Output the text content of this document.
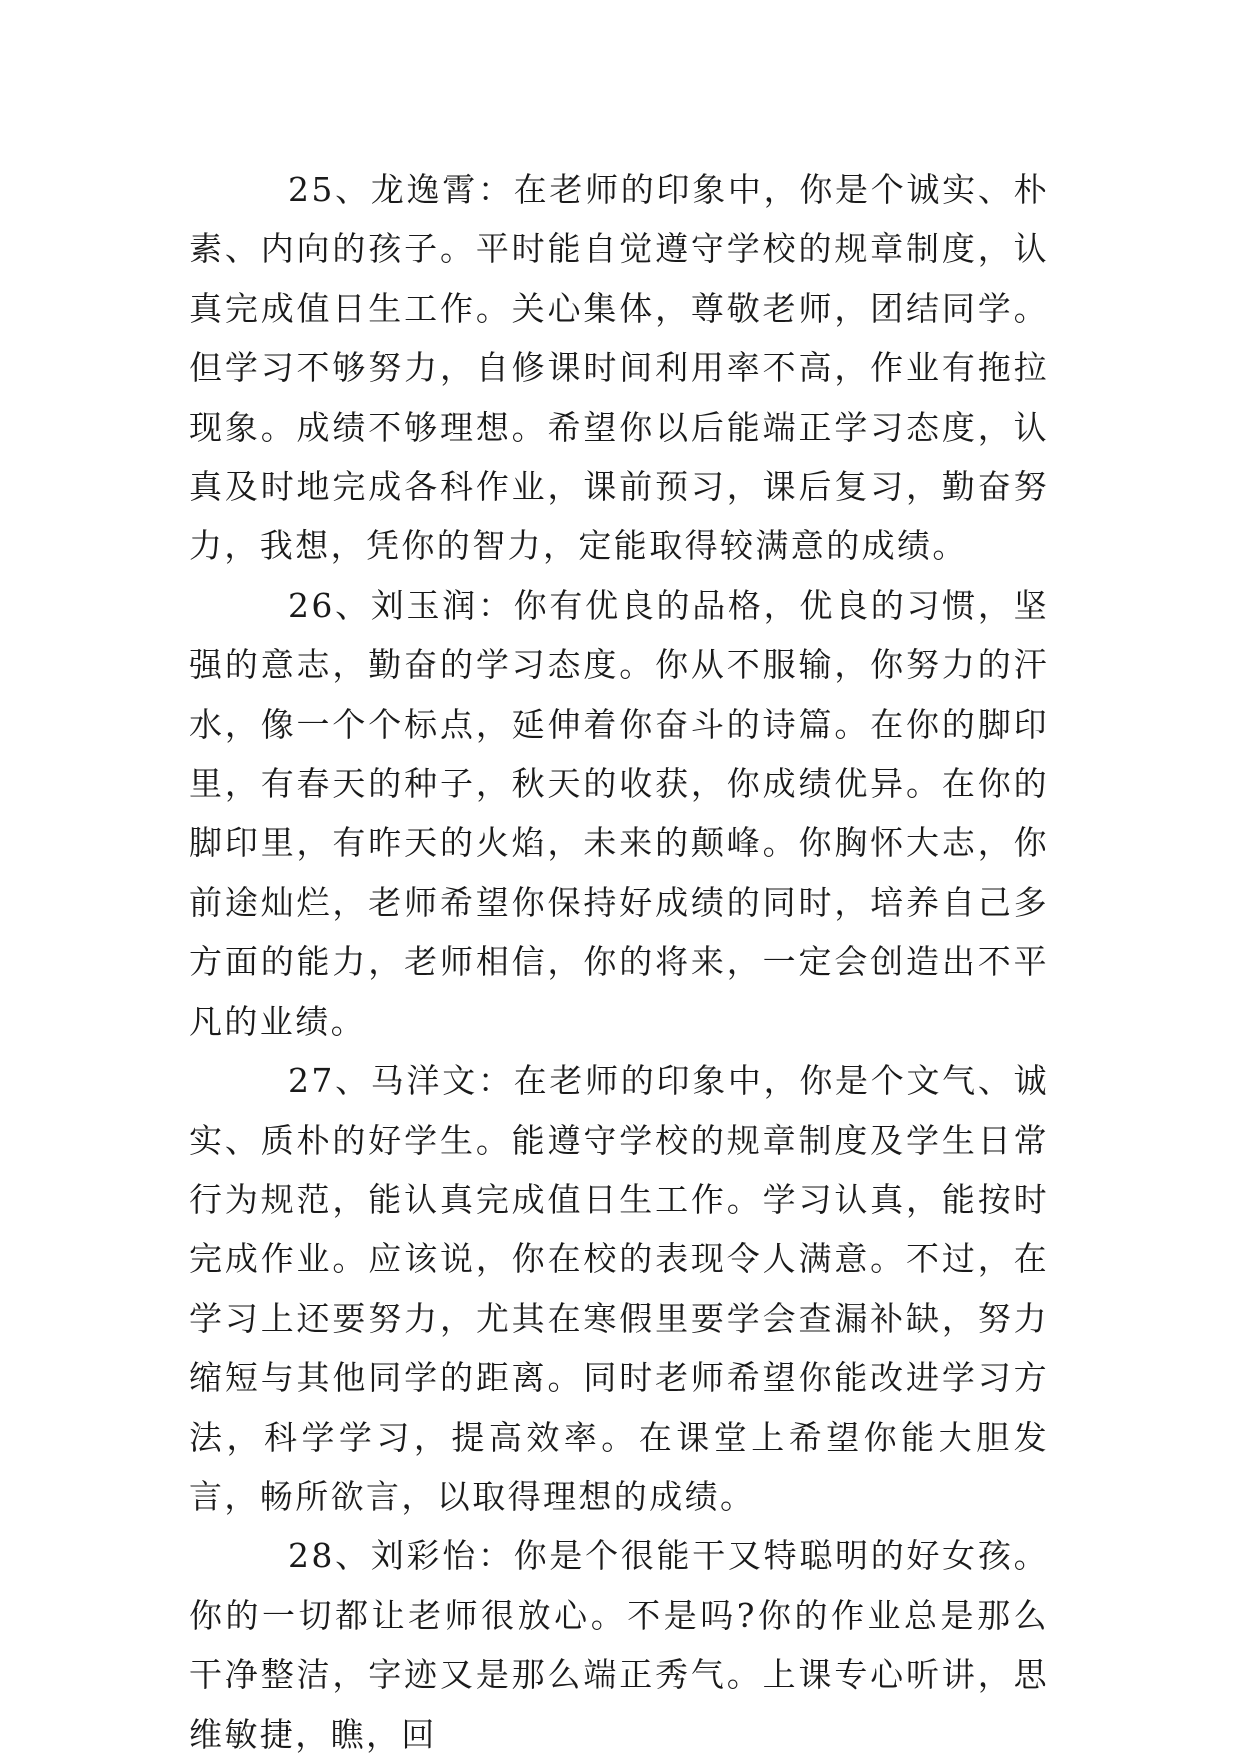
25、龙逸霄：在老师的印象中，你是个诚实、朴素、内向的孩子。平时能自觉遵守学校的规章制度，认真完成值日生工作。关心集体，尊敬老师，团结同学。但学习不够努力，自修课时间利用率不高，作业有拖拉现象。成绩不够理想。希望你以后能端正学习态度，认真及时地完成各科作业，课前预习，课后复习，勤奋努力，我想，凭你的智力，定能取得较满意的成绩。

26、刘玉润：你有优良的品格，优良的习惯，坚强的意志，勤奋的学习态度。你从不服输，你努力的汗水，像一个个标点，延伸着你奋斗的诗篇。在你的脚印里，有春天的种子，秋天的收获，你成绩优异。在你的脚印里，有昨天的火焰，未来的颠峰。你胸怀大志，你前途灿烂，老师希望你保持好成绩的同时，培养自己多方面的能力，老师相信，你的将来，一定会创造出不平凡的业绩。

27、马洋文：在老师的印象中，你是个文气、诚实、质朴的好学生。能遵守学校的规章制度及学生日常行为规范，能认真完成值日生工作。学习认真，能按时完成作业。应该说，你在校的表现令人满意。不过，在学习上还要努力，尤其在寒假里要学会查漏补缺，努力缩短与其他同学的距离。同时老师希望你能改进学习方法，科学学习，提高效率。在课堂上希望你能大胆发言，畅所欲言，以取得理想的成绩。

28、刘彩怡：你是个很能干又特聪明的好女孩。你的一切都让老师很放心。不是吗?你的作业总是那么干净整洁，字迹又是那么端正秀气。上课专心听讲，思维敏捷，瞧，回
